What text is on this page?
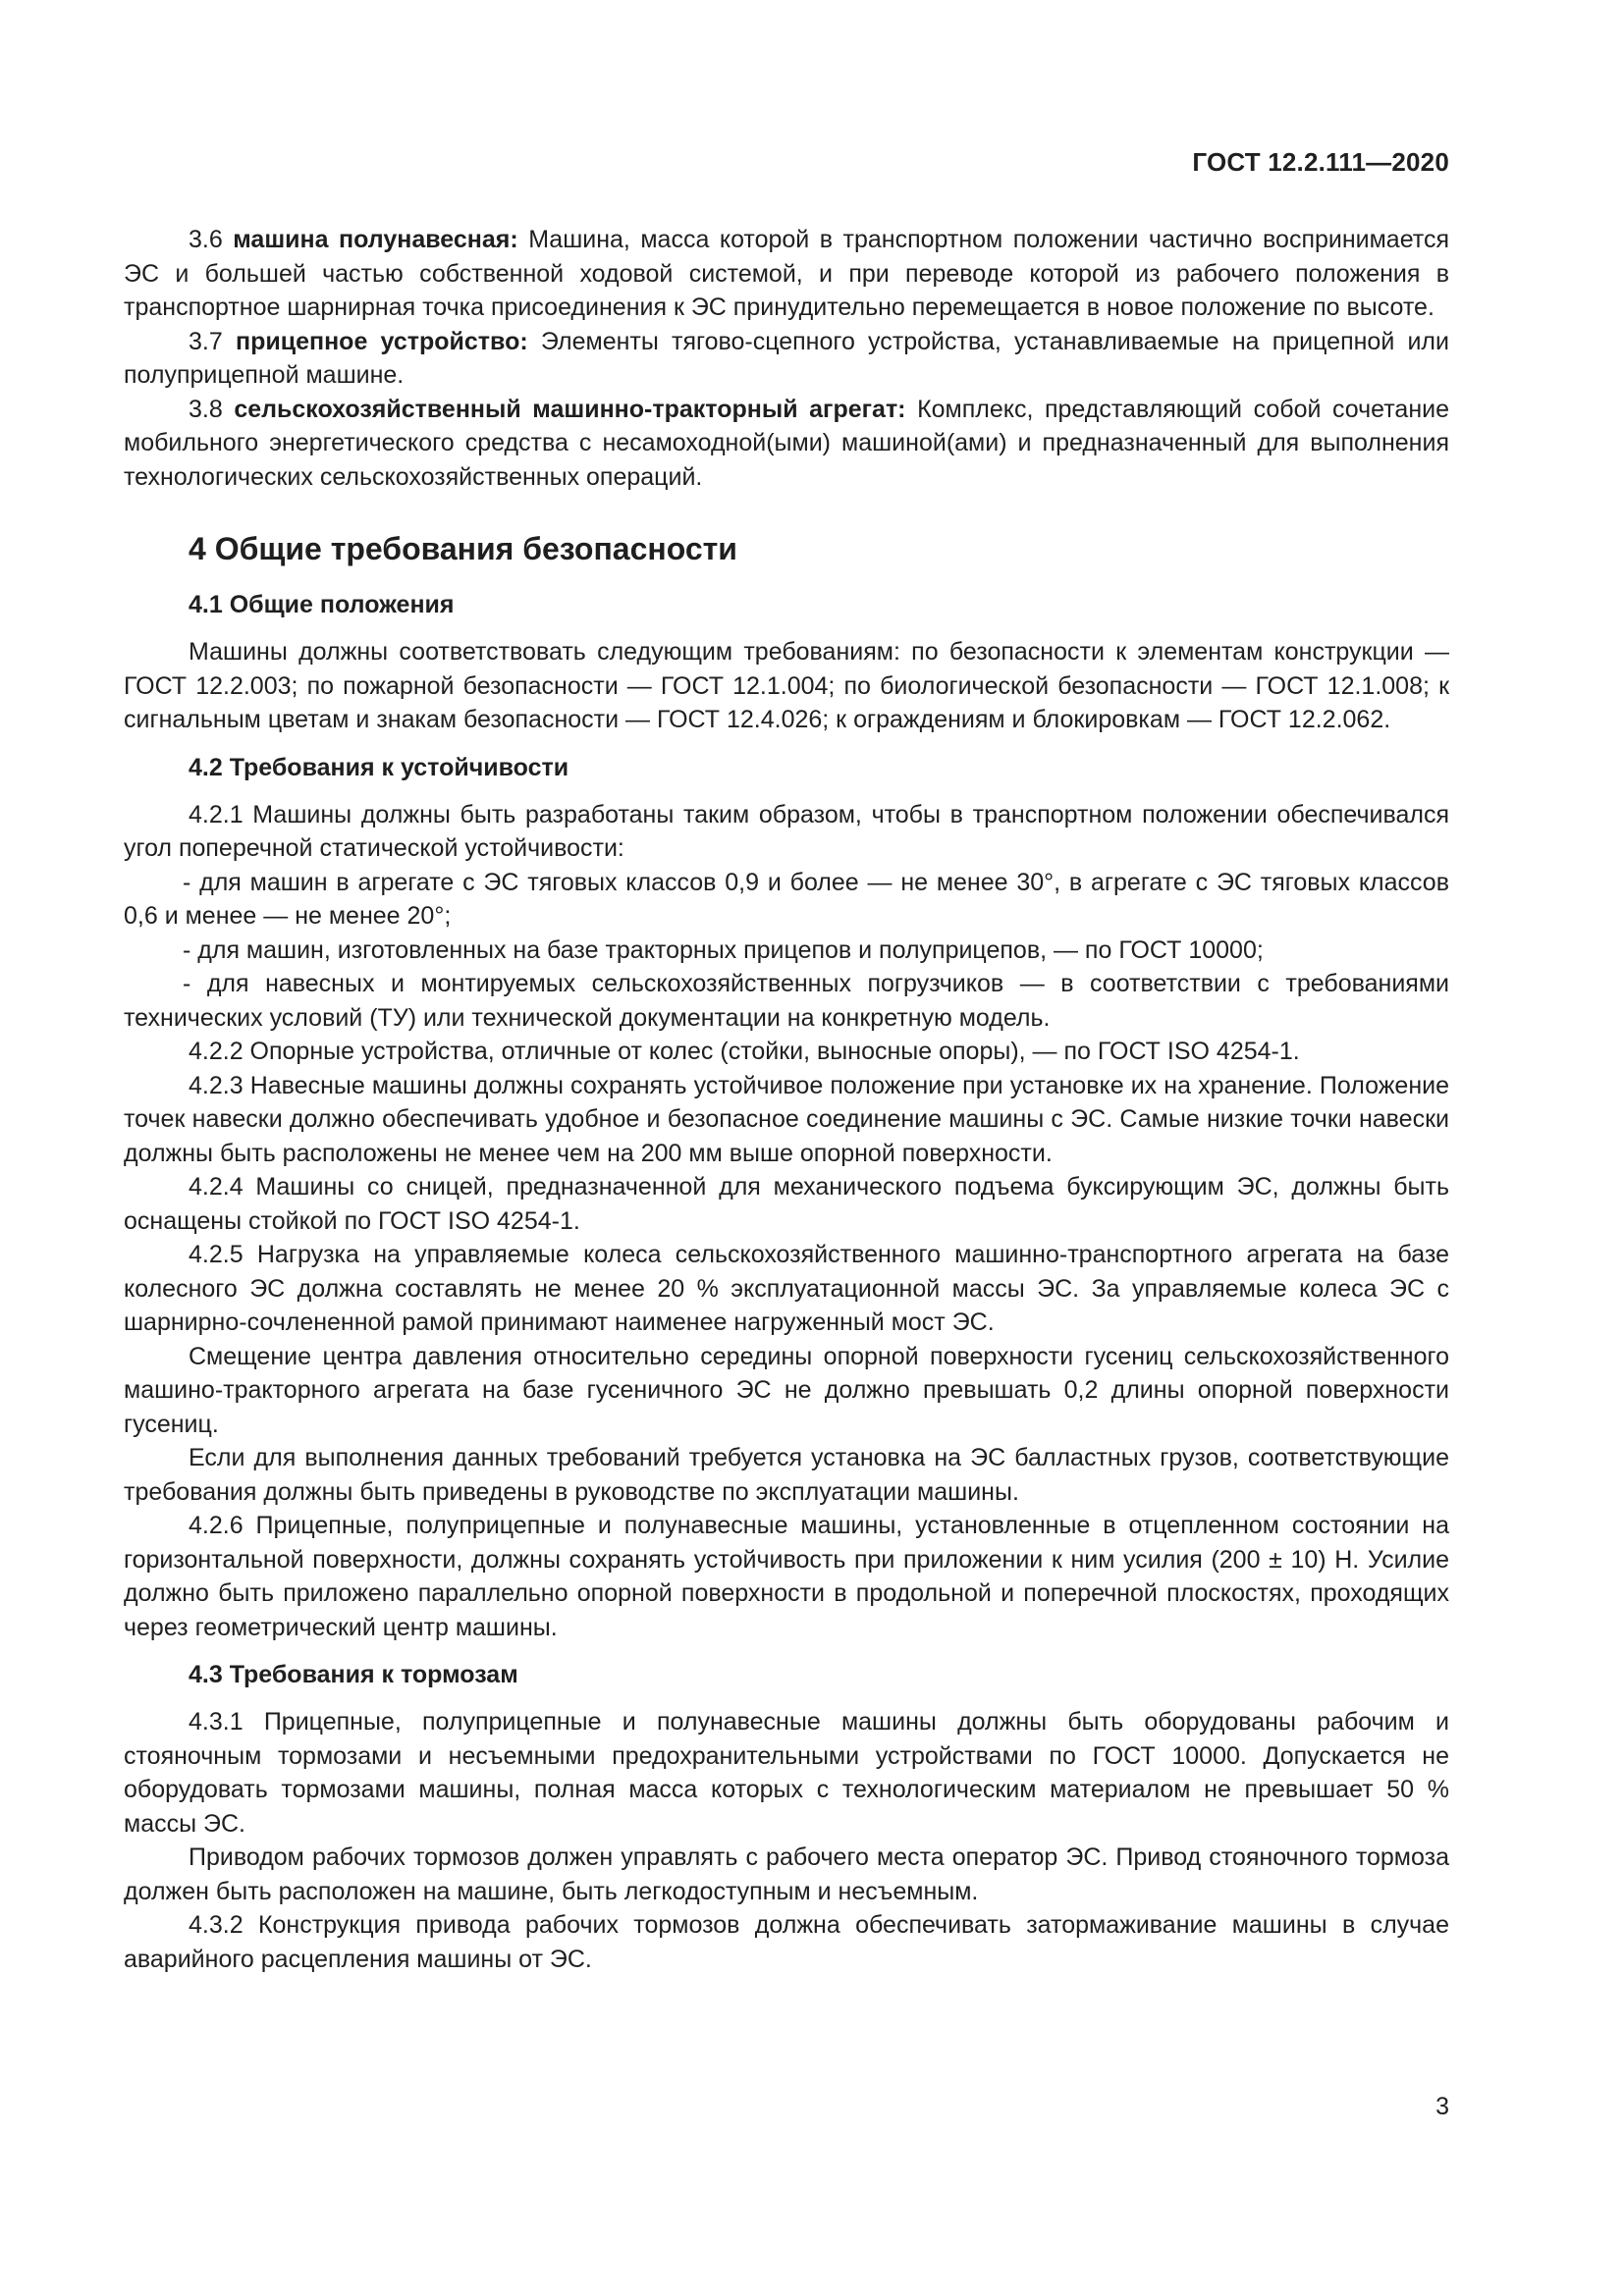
ГОСТ 12.2.111—2020

3.6 машина полунавесная: Машина, масса которой в транспортном положении частично воспринимается ЭС и большей частью собственной ходовой системой, и при переводе которой из рабочего положения в транспортное шарнирная точка присоединения к ЭС принудительно перемещается в новое положение по высоте.

3.7 прицепное устройство: Элементы тягово-сцепного устройства, устанавливаемые на прицепной или полуприцепной машине.

3.8 сельскохозяйственный машинно-тракторный агрегат: Комплекс, представляющий собой сочетание мобильного энергетического средства с несамоходной(ыми) машиной(ами) и предназначенный для выполнения технологических сельскохозяйственных операций.

4 Общие требования безопасности
4.1 Общие положения

Машины должны соответствовать следующим требованиям: по безопасности к элементам конструкции — ГОСТ 12.2.003; по пожарной безопасности — ГОСТ 12.1.004; по биологической безопасности — ГОСТ 12.1.008; к сигнальным цветам и знакам безопасности — ГОСТ 12.4.026; к ограждениям и блокировкам — ГОСТ 12.2.062.

4.2 Требования к устойчивости

4.2.1 Машины должны быть разработаны таким образом, чтобы в транспортном положении обеспечивался угол поперечной статической устойчивости:

- для машин в агрегате с ЭС тяговых классов 0,9 и более — не менее 30°, в агрегате с ЭС тяговых классов 0,6 и менее — не менее 20°;

- для машин, изготовленных на базе тракторных прицепов и полуприцепов, — по ГОСТ 10000;

- для навесных и монтируемых сельскохозяйственных погрузчиков — в соответствии с требованиями технических условий (ТУ) или технической документации на конкретную модель.

4.2.2 Опорные устройства, отличные от колес (стойки, выносные опоры), — по ГОСТ ISO 4254-1.

4.2.3 Навесные машины должны сохранять устойчивое положение при установке их на хранение. Положение точек навески должно обеспечивать удобное и безопасное соединение машины с ЭС. Самые низкие точки навески должны быть расположены не менее чем на 200 мм выше опорной поверхности.

4.2.4 Машины со сницей, предназначенной для механического подъема буксирующим ЭС, должны быть оснащены стойкой по ГОСТ ISO 4254-1.

4.2.5 Нагрузка на управляемые колеса сельскохозяйственного машинно-транспортного агрегата на базе колесного ЭС должна составлять не менее 20 % эксплуатационной массы ЭС. За управляемые колеса ЭС с шарнирно-сочлененной рамой принимают наименее нагруженный мост ЭС.

Смещение центра давления относительно середины опорной поверхности гусениц сельскохозяйственного машино-тракторного агрегата на базе гусеничного ЭС не должно превышать 0,2 длины опорной поверхности гусениц.

Если для выполнения данных требований требуется установка на ЭС балластных грузов, соответствующие требования должны быть приведены в руководстве по эксплуатации машины.

4.2.6 Прицепные, полуприцепные и полунавесные машины, установленные в отцепленном состоянии на горизонтальной поверхности, должны сохранять устойчивость при приложении к ним усилия (200 ± 10) Н. Усилие должно быть приложено параллельно опорной поверхности в продольной и поперечной плоскостях, проходящих через геометрический центр машины.

4.3 Требования к тормозам

4.3.1 Прицепные, полуприцепные и полунавесные машины должны быть оборудованы рабочим и стояночным тормозами и несъемными предохранительными устройствами по ГОСТ 10000. Допускается не оборудовать тормозами машины, полная масса которых с технологическим материалом не превышает 50 % массы ЭС.

Приводом рабочих тормозов должен управлять с рабочего места оператор ЭС. Привод стояночного тормоза должен быть расположен на машине, быть легкодоступным и несъемным.

4.3.2 Конструкция привода рабочих тормозов должна обеспечивать затормаживание машины в случае аварийного расцепления машины от ЭС.

3
